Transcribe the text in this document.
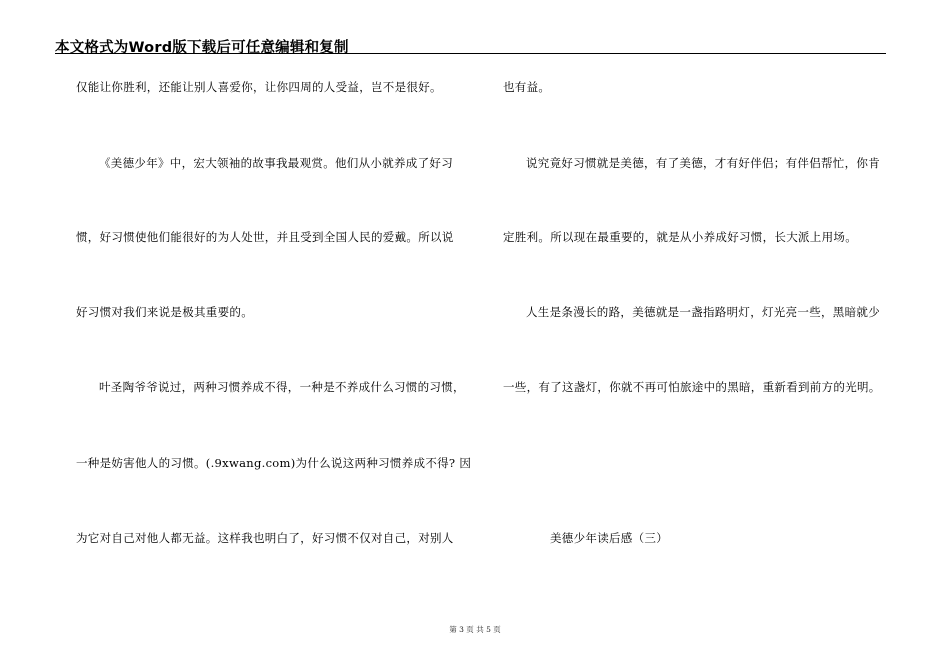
本文格式为Word版下载后可任意编辑和复制
仅能让你胜利，还能让别人喜爱你，让你四周的人受益，岂不是很好。
《美德少年》中，宏大领袖的故事我最观赏。他们从小就养成了好习
惯，好习惯使他们能很好的为人处世，并且受到全国人民的爱戴。所以说
好习惯对我们来说是极其重要的。
叶圣陶爷爷说过，两种习惯养成不得，一种是不养成什么习惯的习惯，
一种是妨害他人的习惯。(.9xwang.com)为什么说这两种习惯养成不得? 因
为它对自己对他人都无益。这样我也明白了，好习惯不仅对自己，对别人
也有益。
说究竟好习惯就是美德，有了美德，才有好伴侣；有伴侣帮忙，你肯
定胜利。所以现在最重要的，就是从小养成好习惯，长大派上用场。
人生是条漫长的路，美德就是一盏指路明灯，灯光亮一些，黑暗就少
一些，有了这盏灯，你就不再可怕旅途中的黑暗，重新看到前方的光明。
美德少年读后感（三）
第 3 页 共 5 页
